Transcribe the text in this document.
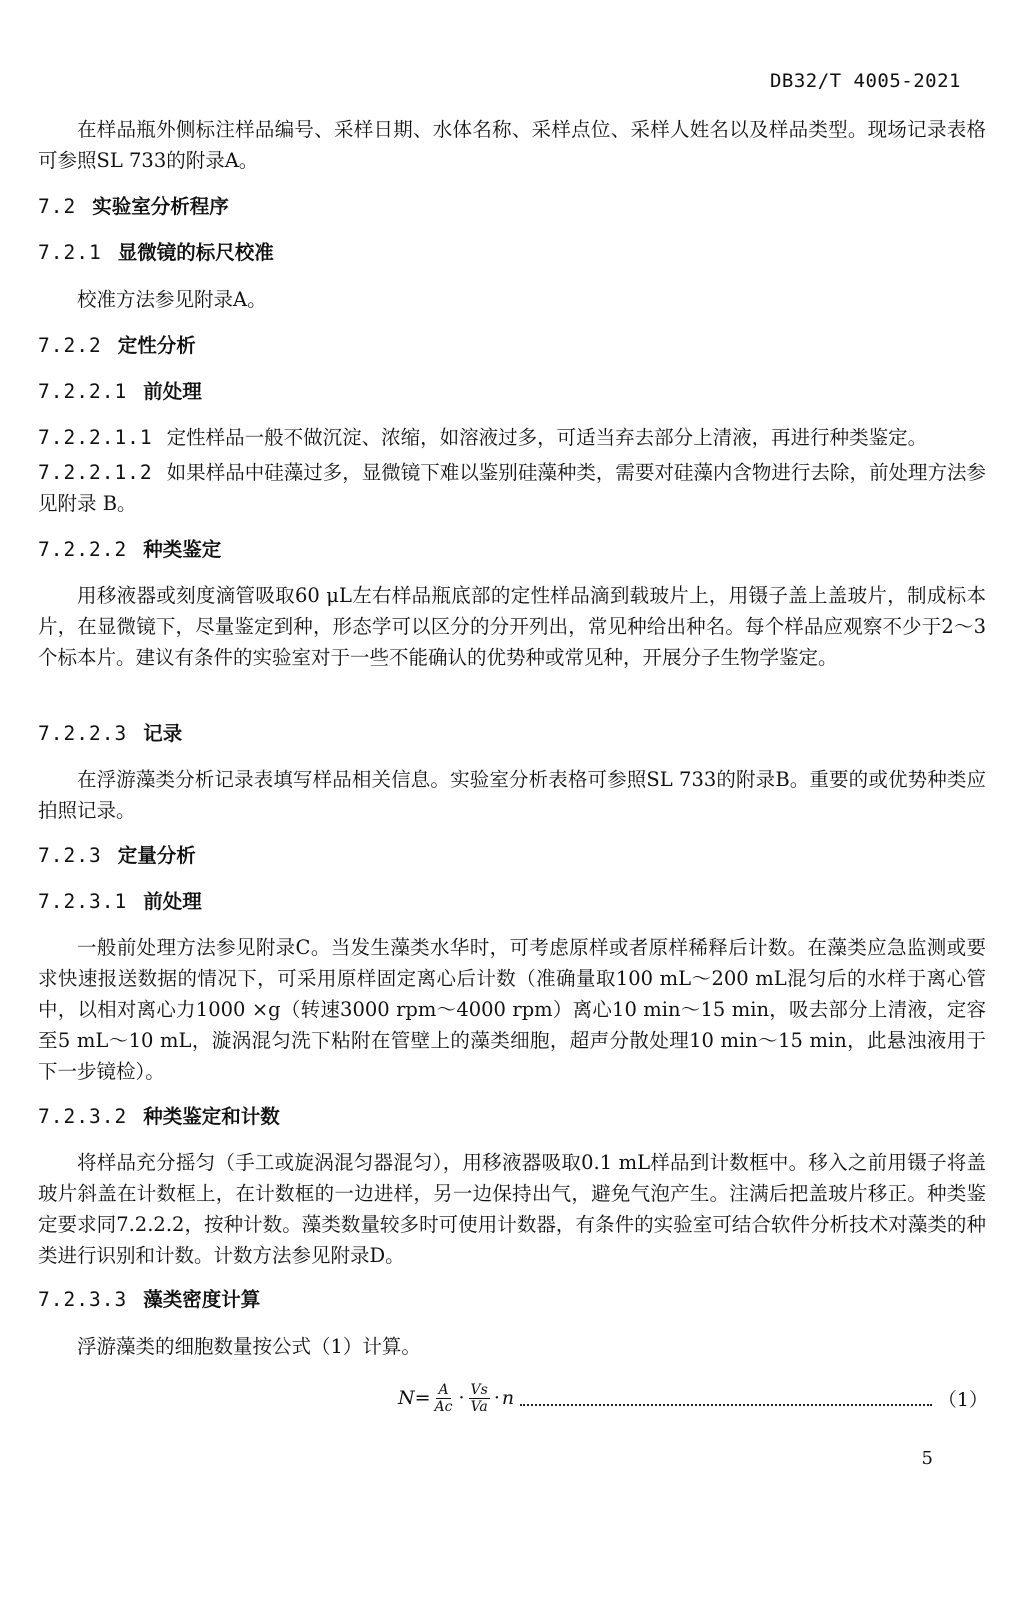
DB32/T 4005-2021
在样品瓶外侧标注样品编号、采样日期、水体名称、采样点位、采样人姓名以及样品类型。现场记录表格可参照SL 733的附录A。
7.2 实验室分析程序
7.2.1 显微镜的标尺校准
校准方法参见附录A。
7.2.2 定性分析
7.2.2.1 前处理
7.2.2.1.1 定性样品一般不做沉淀、浓缩，如溶液过多，可适当弃去部分上清液，再进行种类鉴定。
7.2.2.1.2 如果样品中硅藻过多，显微镜下难以鉴别硅藻种类，需要对硅藻内含物进行去除，前处理方法参见附录 B。
7.2.2.2 种类鉴定
用移液器或刻度滴管吸取60 μL左右样品瓶底部的定性样品滴到载玻片上，用镊子盖上盖玻片，制成标本片，在显微镜下，尽量鉴定到种，形态学可以区分的分开列出，常见种给出种名。每个样品应观察不少于2～3个标本片。建议有条件的实验室对于一些不能确认的优势种或常见种，开展分子生物学鉴定。
7.2.2.3 记录
在浮游藻类分析记录表填写样品相关信息。实验室分析表格可参照SL 733的附录B。重要的或优势种类应拍照记录。
7.2.3 定量分析
7.2.3.1 前处理
一般前处理方法参见附录C。当发生藻类水华时，可考虑原样或者原样稀释后计数。在藻类应急监测或要求快速报送数据的情况下，可采用原样固定离心后计数（准确量取100 mL～200 mL混匀后的水样于离心管中，以相对离心力1000 ×g（转速3000 rpm～4000 rpm）离心10 min～15 min，吸去部分上清液，定容至5 mL～10 mL，漩涡混匀洗下粘附在管壁上的藻类细胞，超声分散处理10 min～15 min，此悬浊液用于下一步镜检）。
7.2.3.2 种类鉴定和计数
将样品充分摇匀（手工或旋涡混匀器混匀），用移液器吸取0.1 mL样品到计数框中。移入之前用镊子将盖玻片斜盖在计数框上，在计数框的一边进样，另一边保持出气，避免气泡产生。注满后把盖玻片移正。种类鉴定要求同7.2.2.2，按种计数。藻类数量较多时可使用计数器，有条件的实验室可结合软件分析技术对藻类的种类进行识别和计数。计数方法参见附录D。
7.2.3.3 藻类密度计算
浮游藻类的细胞数量按公式（1）计算。
$N= \frac{A}{Ac} \cdot \frac{Vs}{Va} \cdot n$	（1）
5
